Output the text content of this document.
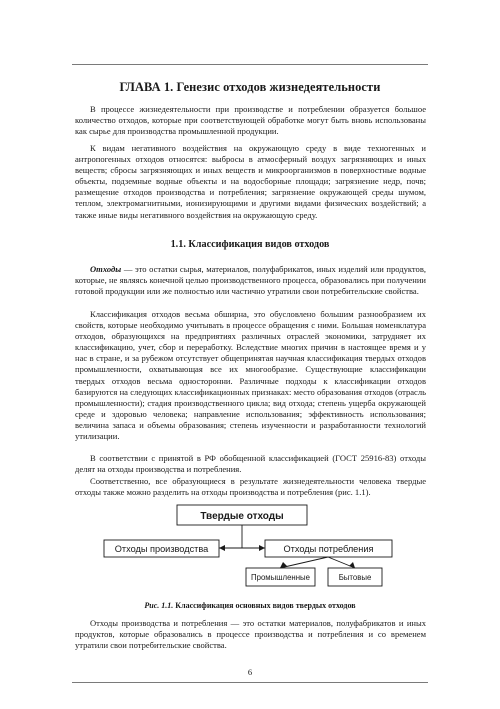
ГЛАВА 1. Генезис отходов жизнедеятельности

В процессе жизнедеятельности при производстве и потреблении образуется большое количество отходов, которые при соответствующей обработке могут быть вновь использованы как сырье для производства промышленной продукции.

К видам негативного воздействия на окружающую среду в виде техногенных и антропогенных отходов относятся: выбросы в атмосферный воздух загрязняющих и иных веществ; сбросы загрязняющих и иных веществ и микроорганизмов в поверхностные водные объекты, подземные водные объекты и на водосборные площади; загрязнение недр, почв; размещение отходов производства и потребления; загрязнение окружающей среды шумом, теплом, электромагнитными, ионизирующими и другими видами физических воздействий; а также иные виды негативного воздействия на окружающую среду.

1.1. Классификация видов отходов

Отходы — это остатки сырья, материалов, полуфабрикатов, иных изделий или продуктов, которые, не являясь конечной целью производственного процесса, образовались при получении готовой продукции или же полностью или частично утратили свои потребительские свойства.

Классификация отходов весьма обширна, это обусловлено большим разнообразием их свойств, которые необходимо учитывать в процессе обращения с ними. Большая номенклатура отходов, образующихся на предприятиях различных отраслей экономики, затрудняет их классификацию, учет, сбор и переработку. Вследствие многих причин в настоящее время и у нас в стране, и за рубежом отсутствует общепринятая научная классификация твердых отходов промышленности, охватывающая все их многообразие. Существующие классификации твердых отходов весьма односторонни. Различные подходы к классификации отходов базируются на следующих классификационных признаках: место образования отходов (отрасль промышленности); стадия производственного цикла; вид отхода; степень ущерба окружающей среде и здоровью человека; направление использования; эффективность использования; величина запаса и объемы образования; степень изученности и разработанности технологий утилизации.

В соответствии с принятой в РФ обобщенной классификацией (ГОСТ 25916-83) отходы делят на отходы производства и потребления.

Соответственно, все образующиеся в результате жизнедеятельности человека твердые отходы также можно разделить на отходы производства и потребления (рис. 1.1).

Твердые отходы
Отходы производства	Отходы потребления
Промышленные	Бытовые

Рис. 1.1. Классификация основных видов твердых отходов

Отходы производства и потребления — это остатки материалов, полуфабрикатов и иных продуктов, которые образовались в процессе производства и потребления и со временем утратили свои потребительские свойства.

6
